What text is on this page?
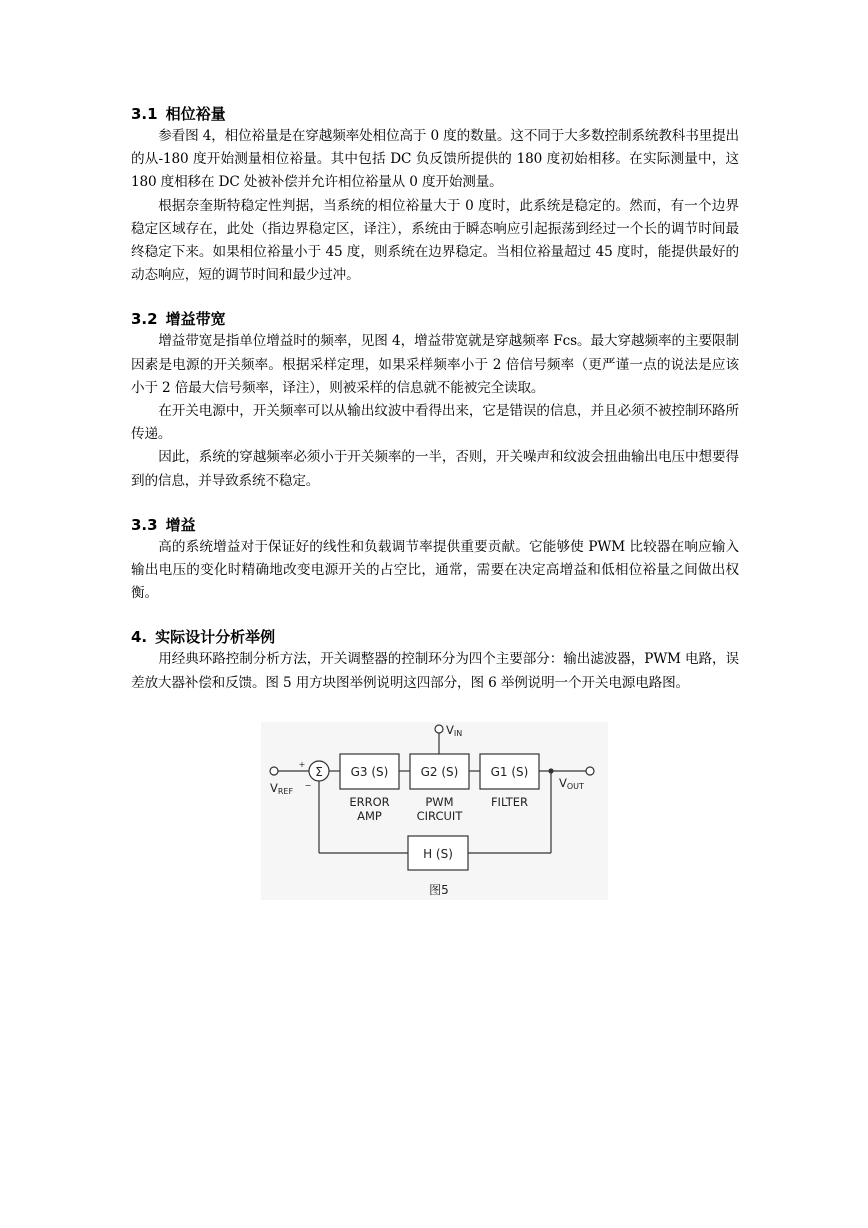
3.1 相位裕量

参看图 4，相位裕量是在穿越频率处相位高于 0 度的数量。这不同于大多数控制系统教科书里提出的从-180 度开始测量相位裕量。其中包括 DC 负反馈所提供的 180 度初始相移。在实际测量中，这 180 度相移在 DC 处被补偿并允许相位裕量从 0 度开始测量。

根据奈奎斯特稳定性判据，当系统的相位裕量大于 0 度时，此系统是稳定的。然而，有一个边界稳定区域存在，此处（指边界稳定区，译注），系统由于瞬态响应引起振荡到经过一个长的调节时间最终稳定下来。如果相位裕量小于 45 度，则系统在边界稳定。当相位裕量超过 45 度时，能提供最好的动态响应，短的调节时间和最少过冲。

3.2 增益带宽

增益带宽是指单位增益时的频率，见图 4，增益带宽就是穿越频率 Fcs。最大穿越频率的主要限制因素是电源的开关频率。根据采样定理，如果采样频率小于 2 倍信号频率（更严谨一点的说法是应该小于 2 倍最大信号频率，译注），则被采样的信息就不能被完全读取。

在开关电源中，开关频率可以从输出纹波中看得出来，它是错误的信息，并且必须不被控制环路所传递。

因此，系统的穿越频率必须小于开关频率的一半，否则，开关噪声和纹波会扭曲输出电压中想要得到的信息，并导致系统不稳定。

3.3 增益

高的系统增益对于保证好的线性和负载调节率提供重要贡献。它能够使 PWM 比较器在响应输入输出电压的变化时精确地改变电源开关的占空比，通常，需要在决定高增益和低相位裕量之间做出权衡。

4. 实际设计分析举例

用经典环路控制分析方法，开关调整器的控制环分为四个主要部分：输出滤波器，PWM 电路，误差放大器补偿和反馈。图 5 用方块图举例说明这四部分，图 6 举例说明一个开关电源电路图。

Σ
+
−
G3 (S)	G2 (S)	G1 (S)
H (S)
ERROR
AMP
PWM
CIRCUIT
FILTER
VREF
VIN
VOUT
图5
